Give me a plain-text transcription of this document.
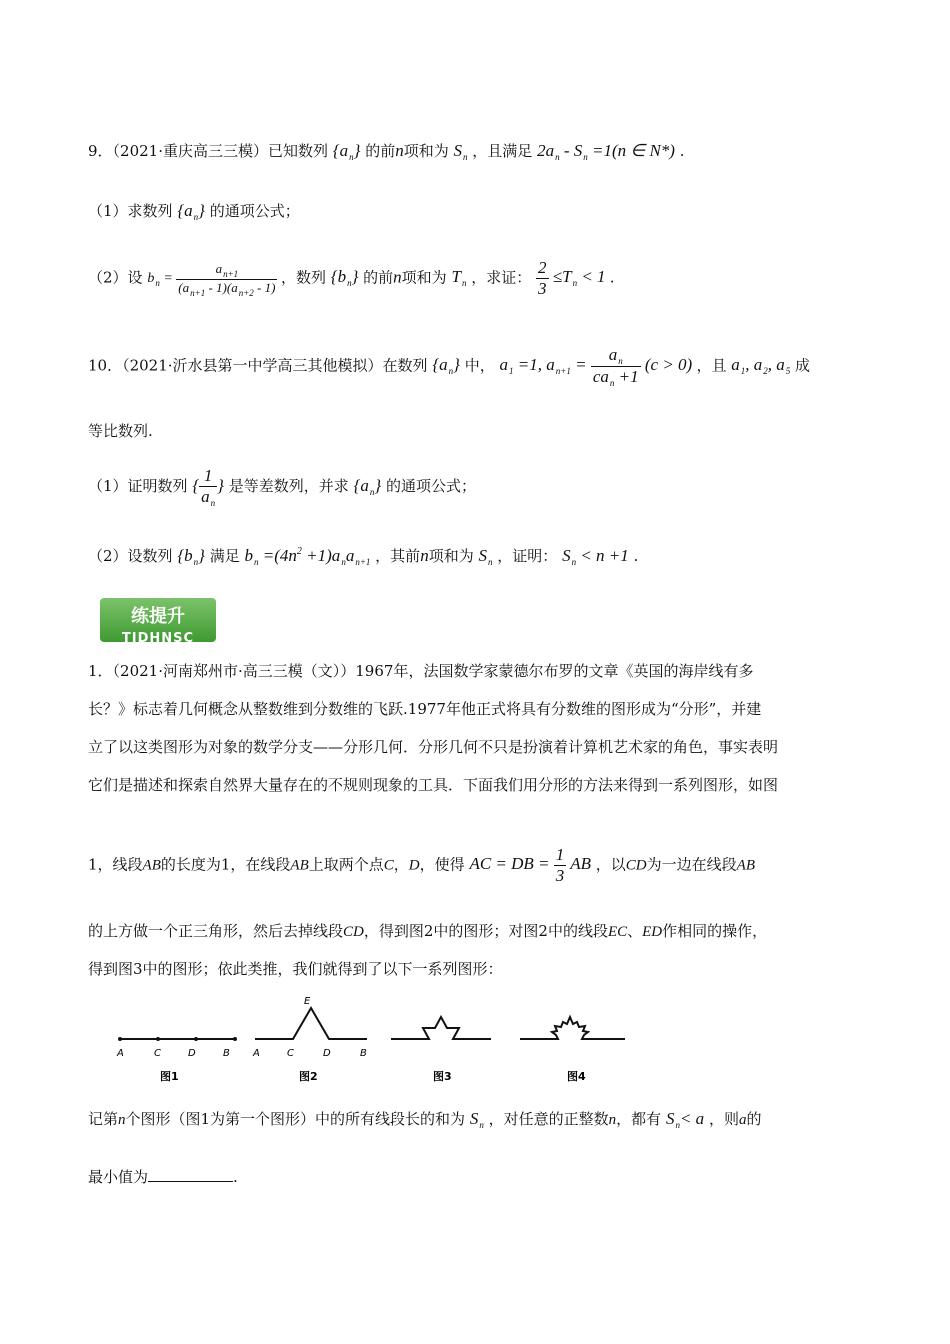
9．（2021·重庆高三三模）已知数列 $\{a_n\}$ 的前n项和为 $S_n$ ，且满足 $2a_n - S_n =1(n$ ∈ N*) .
（1）求数列 $\{a_n\}$ 的通项公式；
（2）设 $b_n = \frac{a_{n+1}}{(a_{n+1} - 1)(a_{n+2} - 1)}$ ，数列 $\{b_n\}$ 的前n项和为 $T_n$ ，求证： $\frac{2}{3} \le T_n < 1$ .
10．（2021·沂水县第一中学高三其他模拟）在数列 $\{a_n\}$ 中， $a_1 =1$, $a_{n+1} = \frac{a_n}{ca_n +1} (c > 0)$ ，且 $a_1$, $a_2$, $a_5$ 成
等比数列.
（1）证明数列 { $\frac{1}{a_n}$ } 是等差数列，并求 $\{a_n\}$ 的通项公式；
（2）设数列 $\{b_n\}$ 满足 $b_n =(4n^2 +1)a_na_{n+1}$ ，其前n项和为 $S_n$ ，证明： $S_n < n +1$ .
练提升
TIDHNSC
1．（2021·河南郑州市·高三三模（文））1967年，法国数学家蒙德尔布罗的文章《英国的海岸线有多
长？》标志着几何概念从整数维到分数维的飞跃.1977年他正式将具有分数维的图形成为“分形”，并建
立了以这类图形为对象的数学分支——分形几何．分形几何不只是扮演着计算机艺术家的角色，事实表明
它们是描述和探索自然界大量存在的不规则现象的工具．下面我们用分形的方法来得到一系列图形，如图
1，线段AB的长度为1，在线段AB上取两个点C，D，使得 AC = DB = $\frac{1}{3}$ AB ，以CD为一边在线段AB
的上方做一个正三角形，然后去掉线段CD，得到图2中的图形；对图2中的线段EC、ED作相同的操作，
得到图3中的图形；依此类推，我们就得到了以下一系列图形：
A	C	D	B
图1
E
A	C	D	B
图2	图3	图4
记第n个图形（图1为第一个图形）中的所有线段长的和为 $S_n$ ，对任意的正整数n，都有 $S_n< a$ ，则a的
最小值为	.
